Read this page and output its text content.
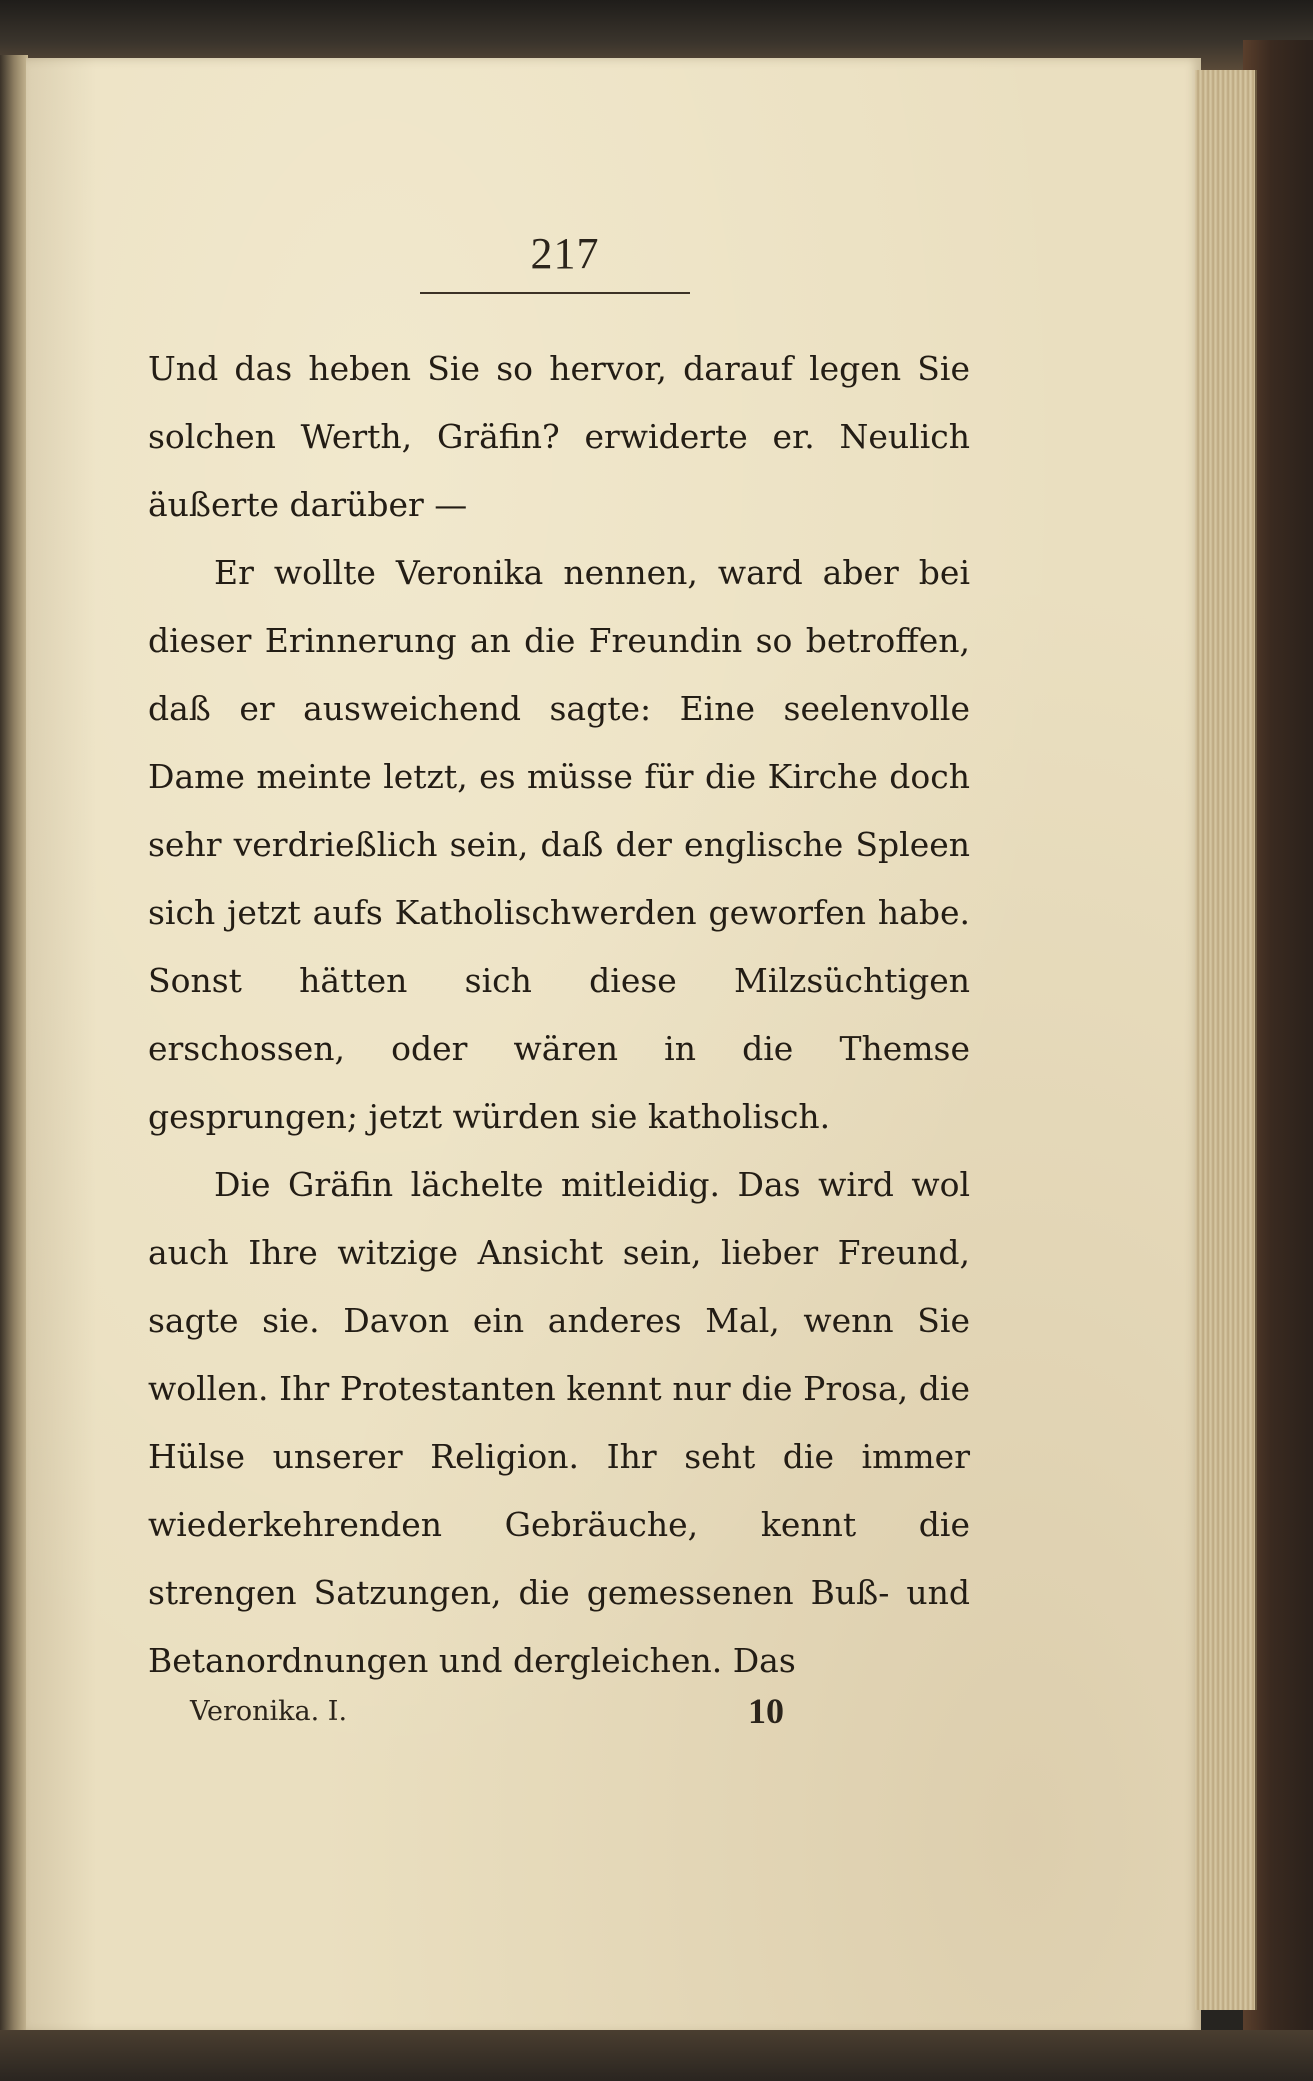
217

Und das heben Sie so hervor, darauf legen Sie solchen Werth, Gräfin? erwiderte er. Neulich äußerte darüber —

Er wollte Veronika nennen, ward aber bei dieser Erinnerung an die Freundin so betroffen, daß er ausweichend sagte: Eine seelenvolle Dame meinte letzt, es müsse für die Kirche doch sehr verdrießlich sein, daß der englische Spleen sich jetzt aufs Katholischwerden geworfen habe. Sonst hätten sich diese Milzsüchtigen erschossen, oder wären in die Themse gesprungen; jetzt würden sie katholisch.

Die Gräfin lächelte mitleidig. Das wird wol auch Ihre witzige Ansicht sein, lieber Freund, sagte sie. Davon ein anderes Mal, wenn Sie wollen. Ihr Protestanten kennt nur die Prosa, die Hülse unserer Religion. Ihr seht die immer wiederkehrenden Gebräuche, kennt die strengen Satzungen, die gemessenen Buß- und Betanordnungen und dergleichen. Das

Veronika. I.	10
